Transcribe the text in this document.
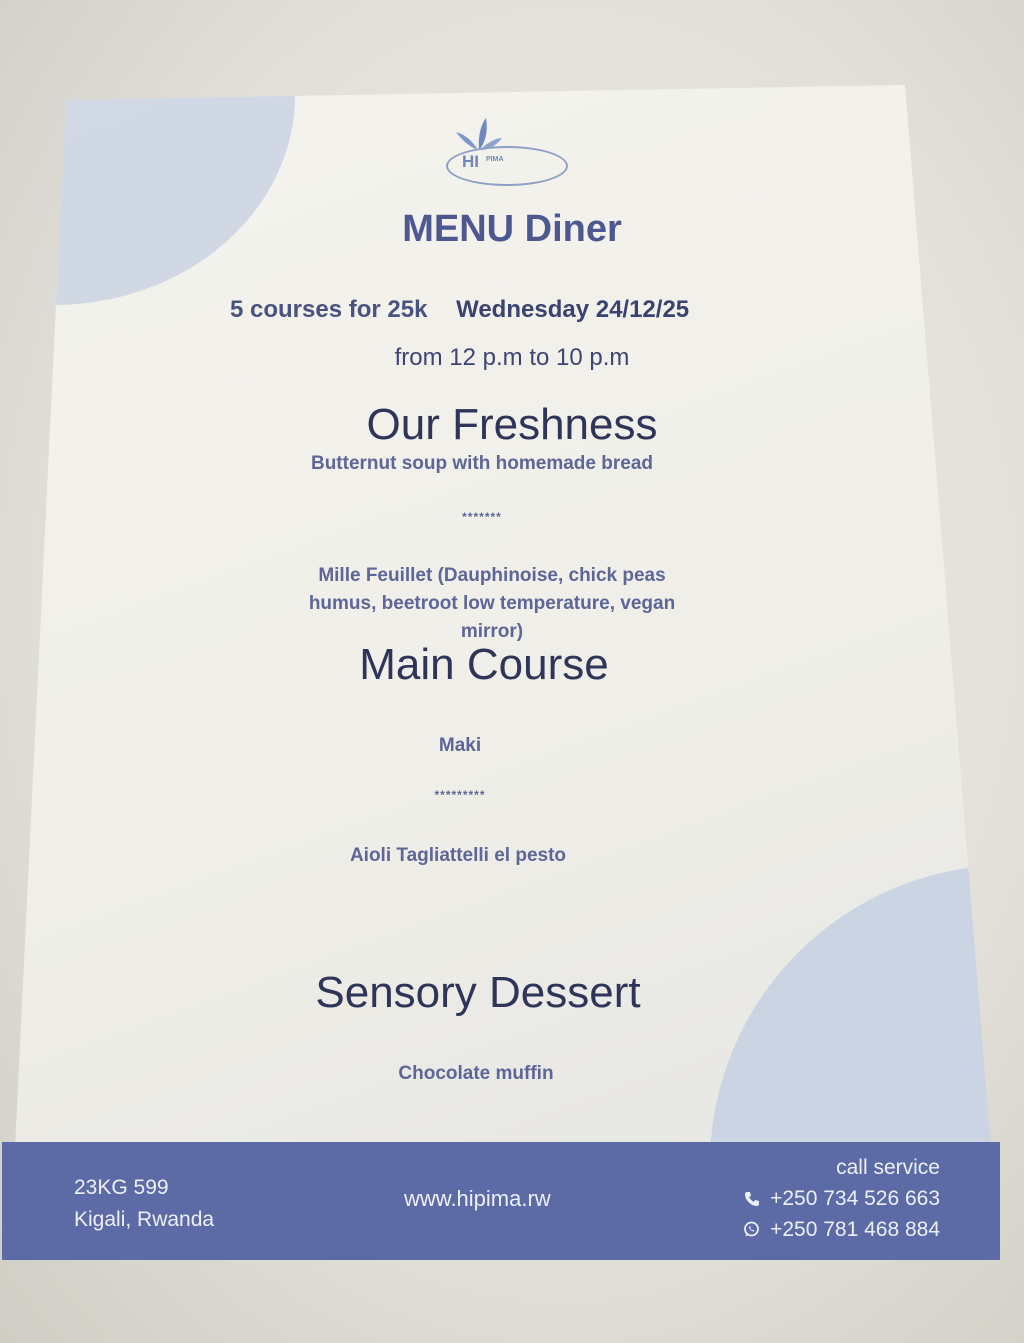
HI PIMA
MENU Diner
5 courses for 25k Wednesday 24/12/25
from 12 p.m to 10 p.m
Our Freshness
Butternut soup with homemade bread
*******
Mille Feuillet (Dauphinoise, chick peas
humus, beetroot low temperature, vegan
mirror)
Main Course
Maki
*********
Aioli Tagliattelli el pesto
Sensory Dessert
Chocolate muffin
23KG 599
Kigali, Rwanda
www.hipima.rw
call service
+250 734 526 663
+250 781 468 884
